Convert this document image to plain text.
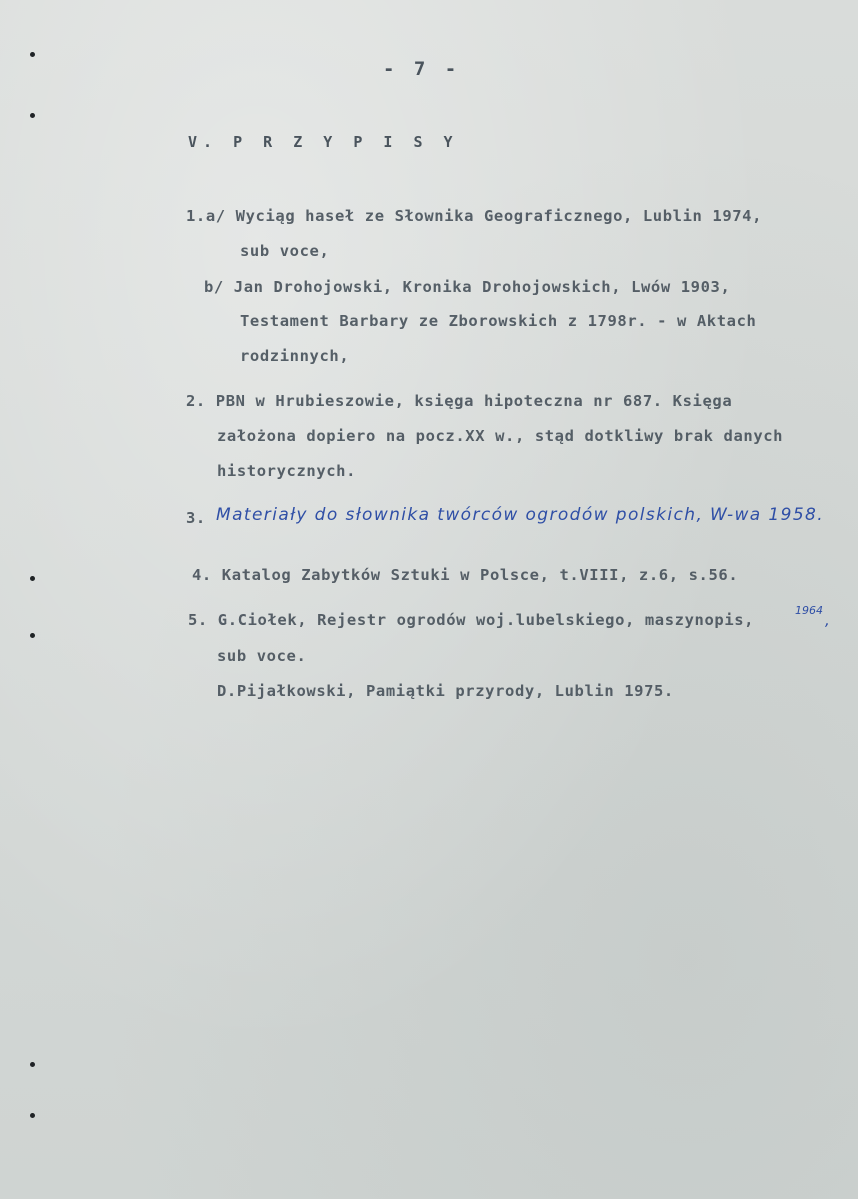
- 7 -
V. P R Z Y P I S Y
1.a/ Wyciąg haseł ze Słownika Geograficznego, Lublin 1974,
sub voce,
b/ Jan Drohojowski, Kronika Drohojowskich, Lwów 1903,
Testament Barbary ze Zborowskich z 1798r. - w Aktach
rodzinnych,
2. PBN w Hrubieszowie, księga hipoteczna nr 687. Księga
założona dopiero na pocz.XX w., stąd dotkliwy brak danych
historycznych.
3. Materiały do słownika twórców ogrodów polskich, W-wa 1958.
4. Katalog Zabytków Sztuki w Polsce, t.VIII, z.6, s.56.
5. G.Ciołek, Rejestr ogrodów woj.lubelskiego, maszynopis,
1964
,
sub voce.
D.Pijałkowski, Pamiątki przyrody, Lublin 1975.
